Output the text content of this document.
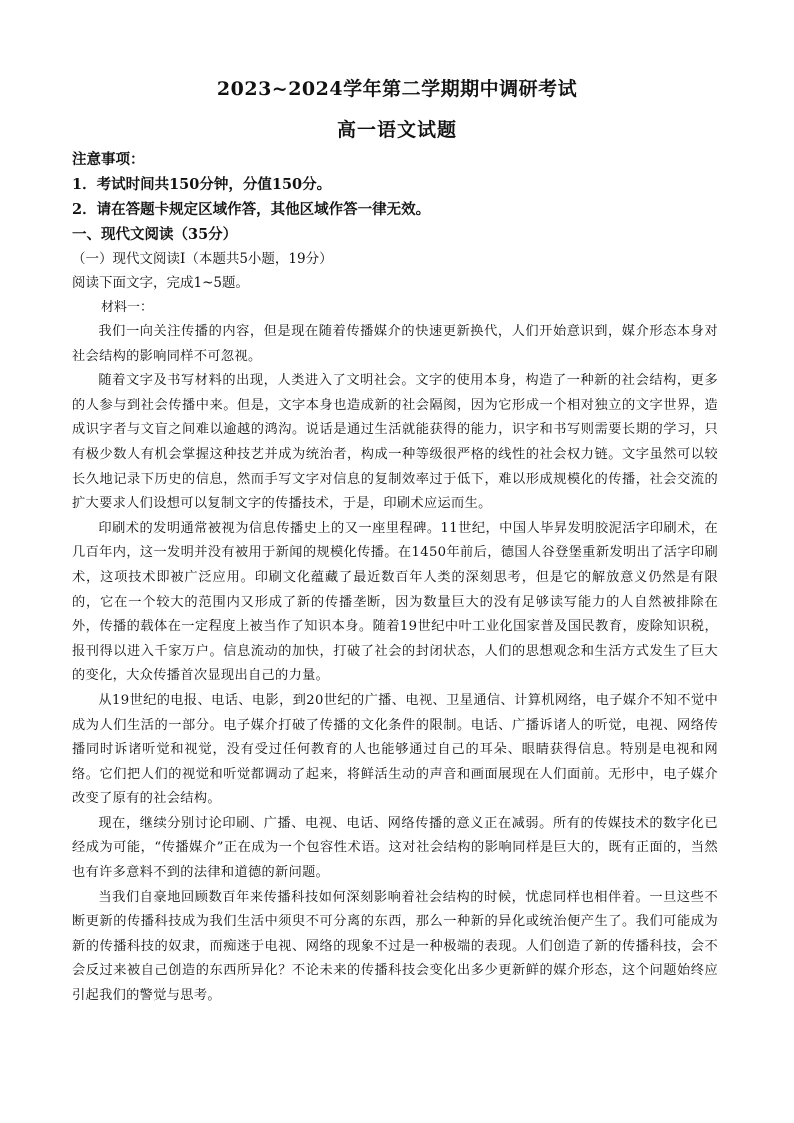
2023~2024学年第二学期期中调研考试
高一语文试题
注意事项：
1．考试时间共150分钟，分值150分。
2．请在答题卡规定区域作答，其他区域作答一律无效。
一、现代文阅读（35分）
（一）现代文阅读Ⅰ（本题共5小题，19分）
阅读下面文字，完成1~5题。
材料一：

我们一向关注传播的内容，但是现在随着传播媒介的快速更新换代，人们开始意识到，媒介形态本身对社会结构的影响同样不可忽视。

随着文字及书写材料的出现，人类进入了文明社会。文字的使用本身，构造了一种新的社会结构，更多的人参与到社会传播中来。但是，文字本身也造成新的社会隔阂，因为它形成一个相对独立的文字世界，造成识字者与文盲之间难以逾越的鸿沟。说话是通过生活就能获得的能力，识字和书写则需要长期的学习，只有极少数人有机会掌握这种技艺并成为统治者，构成一种等级很严格的线性的社会权力链。文字虽然可以较长久地记录下历史的信息，然而手写文字对信息的复制效率过于低下，难以形成规模化的传播，社会交流的扩大要求人们设想可以复制文字的传播技术，于是，印刷术应运而生。

印刷术的发明通常被视为信息传播史上的又一座里程碑。11世纪，中国人毕昇发明胶泥活字印刷术，在几百年内，这一发明并没有被用于新闻的规模化传播。在1450年前后，德国人谷登堡重新发明出了活字印刷术，这项技术即被广泛应用。印刷文化蕴藏了最近数百年人类的深刻思考，但是它的解放意义仍然是有限的，它在一个较大的范围内又形成了新的传播垄断，因为数量巨大的没有足够读写能力的人自然被排除在外，传播的载体在一定程度上被当作了知识本身。随着19世纪中叶工业化国家普及国民教育，废除知识税，报刊得以进入千家万户。信息流动的加快，打破了社会的封闭状态，人们的思想观念和生活方式发生了巨大的变化，大众传播首次显现出自己的力量。

从19世纪的电报、电话、电影，到20世纪的广播、电视、卫星通信、计算机网络，电子媒介不知不觉中成为人们生活的一部分。电子媒介打破了传播的文化条件的限制。电话、广播诉诸人的听觉，电视、网络传播同时诉诸听觉和视觉，没有受过任何教育的人也能够通过自己的耳朵、眼睛获得信息。特别是电视和网络。它们把人们的视觉和听觉都调动了起来，将鲜活生动的声音和画面展现在人们面前。无形中，电子媒介改变了原有的社会结构。

现在，继续分别讨论印刷、广播、电视、电话、网络传播的意义正在减弱。所有的传媒技术的数字化已经成为可能，“传播媒介”正在成为一个包容性术语。这对社会结构的影响同样是巨大的，既有正面的，当然也有许多意料不到的法律和道德的新问题。

当我们自豪地回顾数百年来传播科技如何深刻影响着社会结构的时候，忧虑同样也相伴着。一旦这些不断更新的传播科技成为我们生活中须臾不可分离的东西，那么一种新的异化或统治便产生了。我们可能成为新的传播科技的奴隶，而痴迷于电视、网络的现象不过是一种极端的表现。人们创造了新的传播科技，会不会反过来被自己创造的东西所异化？不论未来的传播科技会变化出多少更新鲜的媒介形态，这个问题始终应引起我们的警觉与思考。
